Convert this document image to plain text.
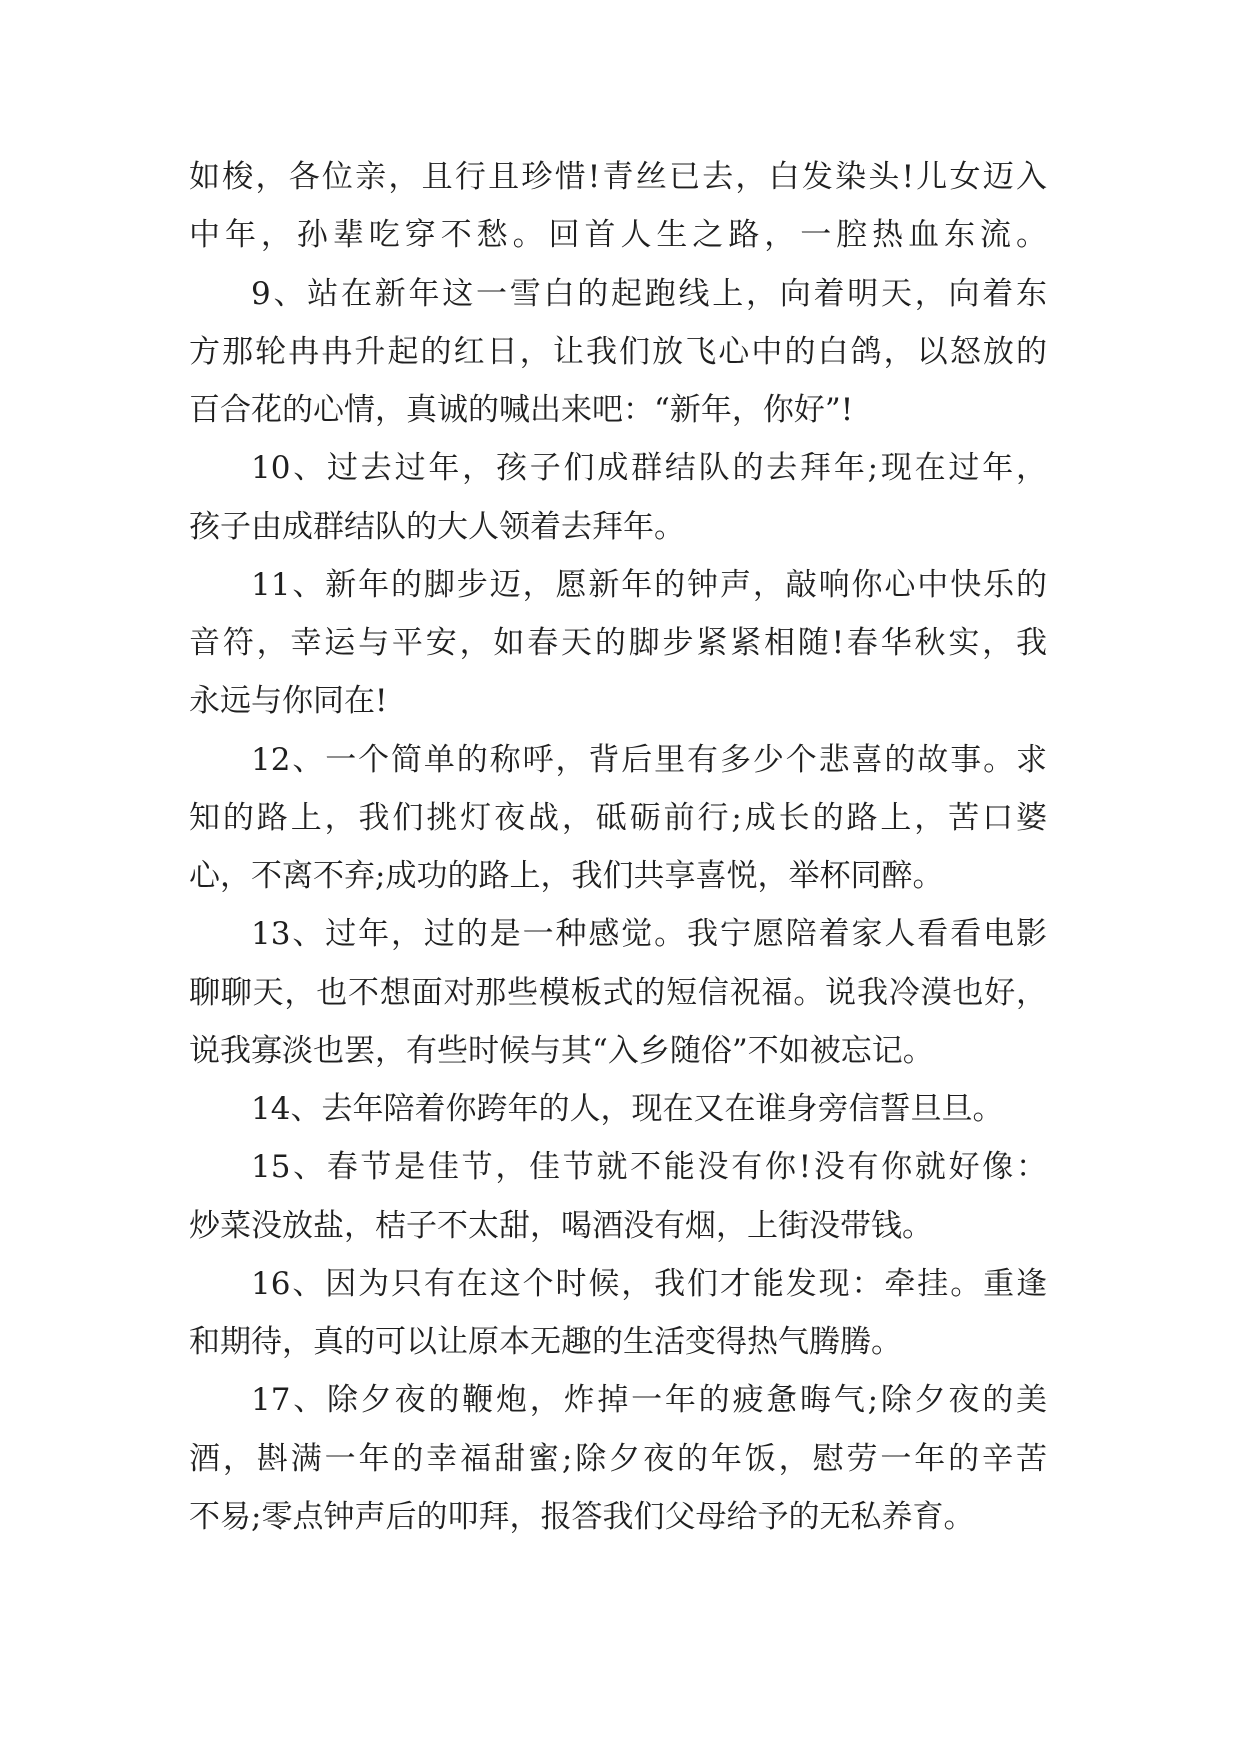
如梭，各位亲，且行且珍惜!青丝已去，白发染头!儿女迈入
中年，孙辈吃穿不愁。回首人生之路，一腔热血东流。
9、站在新年这一雪白的起跑线上，向着明天，向着东
方那轮冉冉升起的红日，让我们放飞心中的白鸽，以怒放的
百合花的心情，真诚的喊出来吧：“新年，你好”!
10、过去过年，孩子们成群结队的去拜年;现在过年，
孩子由成群结队的大人领着去拜年。
11、新年的脚步迈，愿新年的钟声，敲响你心中快乐的
音符，幸运与平安，如春天的脚步紧紧相随!春华秋实，我
永远与你同在!
12、一个简单的称呼，背后里有多少个悲喜的故事。求
知的路上，我们挑灯夜战，砥砺前行;成长的路上，苦口婆
心，不离不弃;成功的路上，我们共享喜悦，举杯同醉。
13、过年，过的是一种感觉。我宁愿陪着家人看看电影
聊聊天，也不想面对那些模板式的短信祝福。说我冷漠也好，
说我寡淡也罢，有些时候与其“入乡随俗”不如被忘记。
14、去年陪着你跨年的人，现在又在谁身旁信誓旦旦。
15、春节是佳节，佳节就不能没有你!没有你就好像：
炒菜没放盐，桔子不太甜，喝酒没有烟，上街没带钱。
16、因为只有在这个时候，我们才能发现：牵挂。重逢
和期待，真的可以让原本无趣的生活变得热气腾腾。
17、除夕夜的鞭炮，炸掉一年的疲惫晦气;除夕夜的美
酒，斟满一年的幸福甜蜜;除夕夜的年饭，慰劳一年的辛苦
不易;零点钟声后的叩拜，报答我们父母给予的无私养育。
